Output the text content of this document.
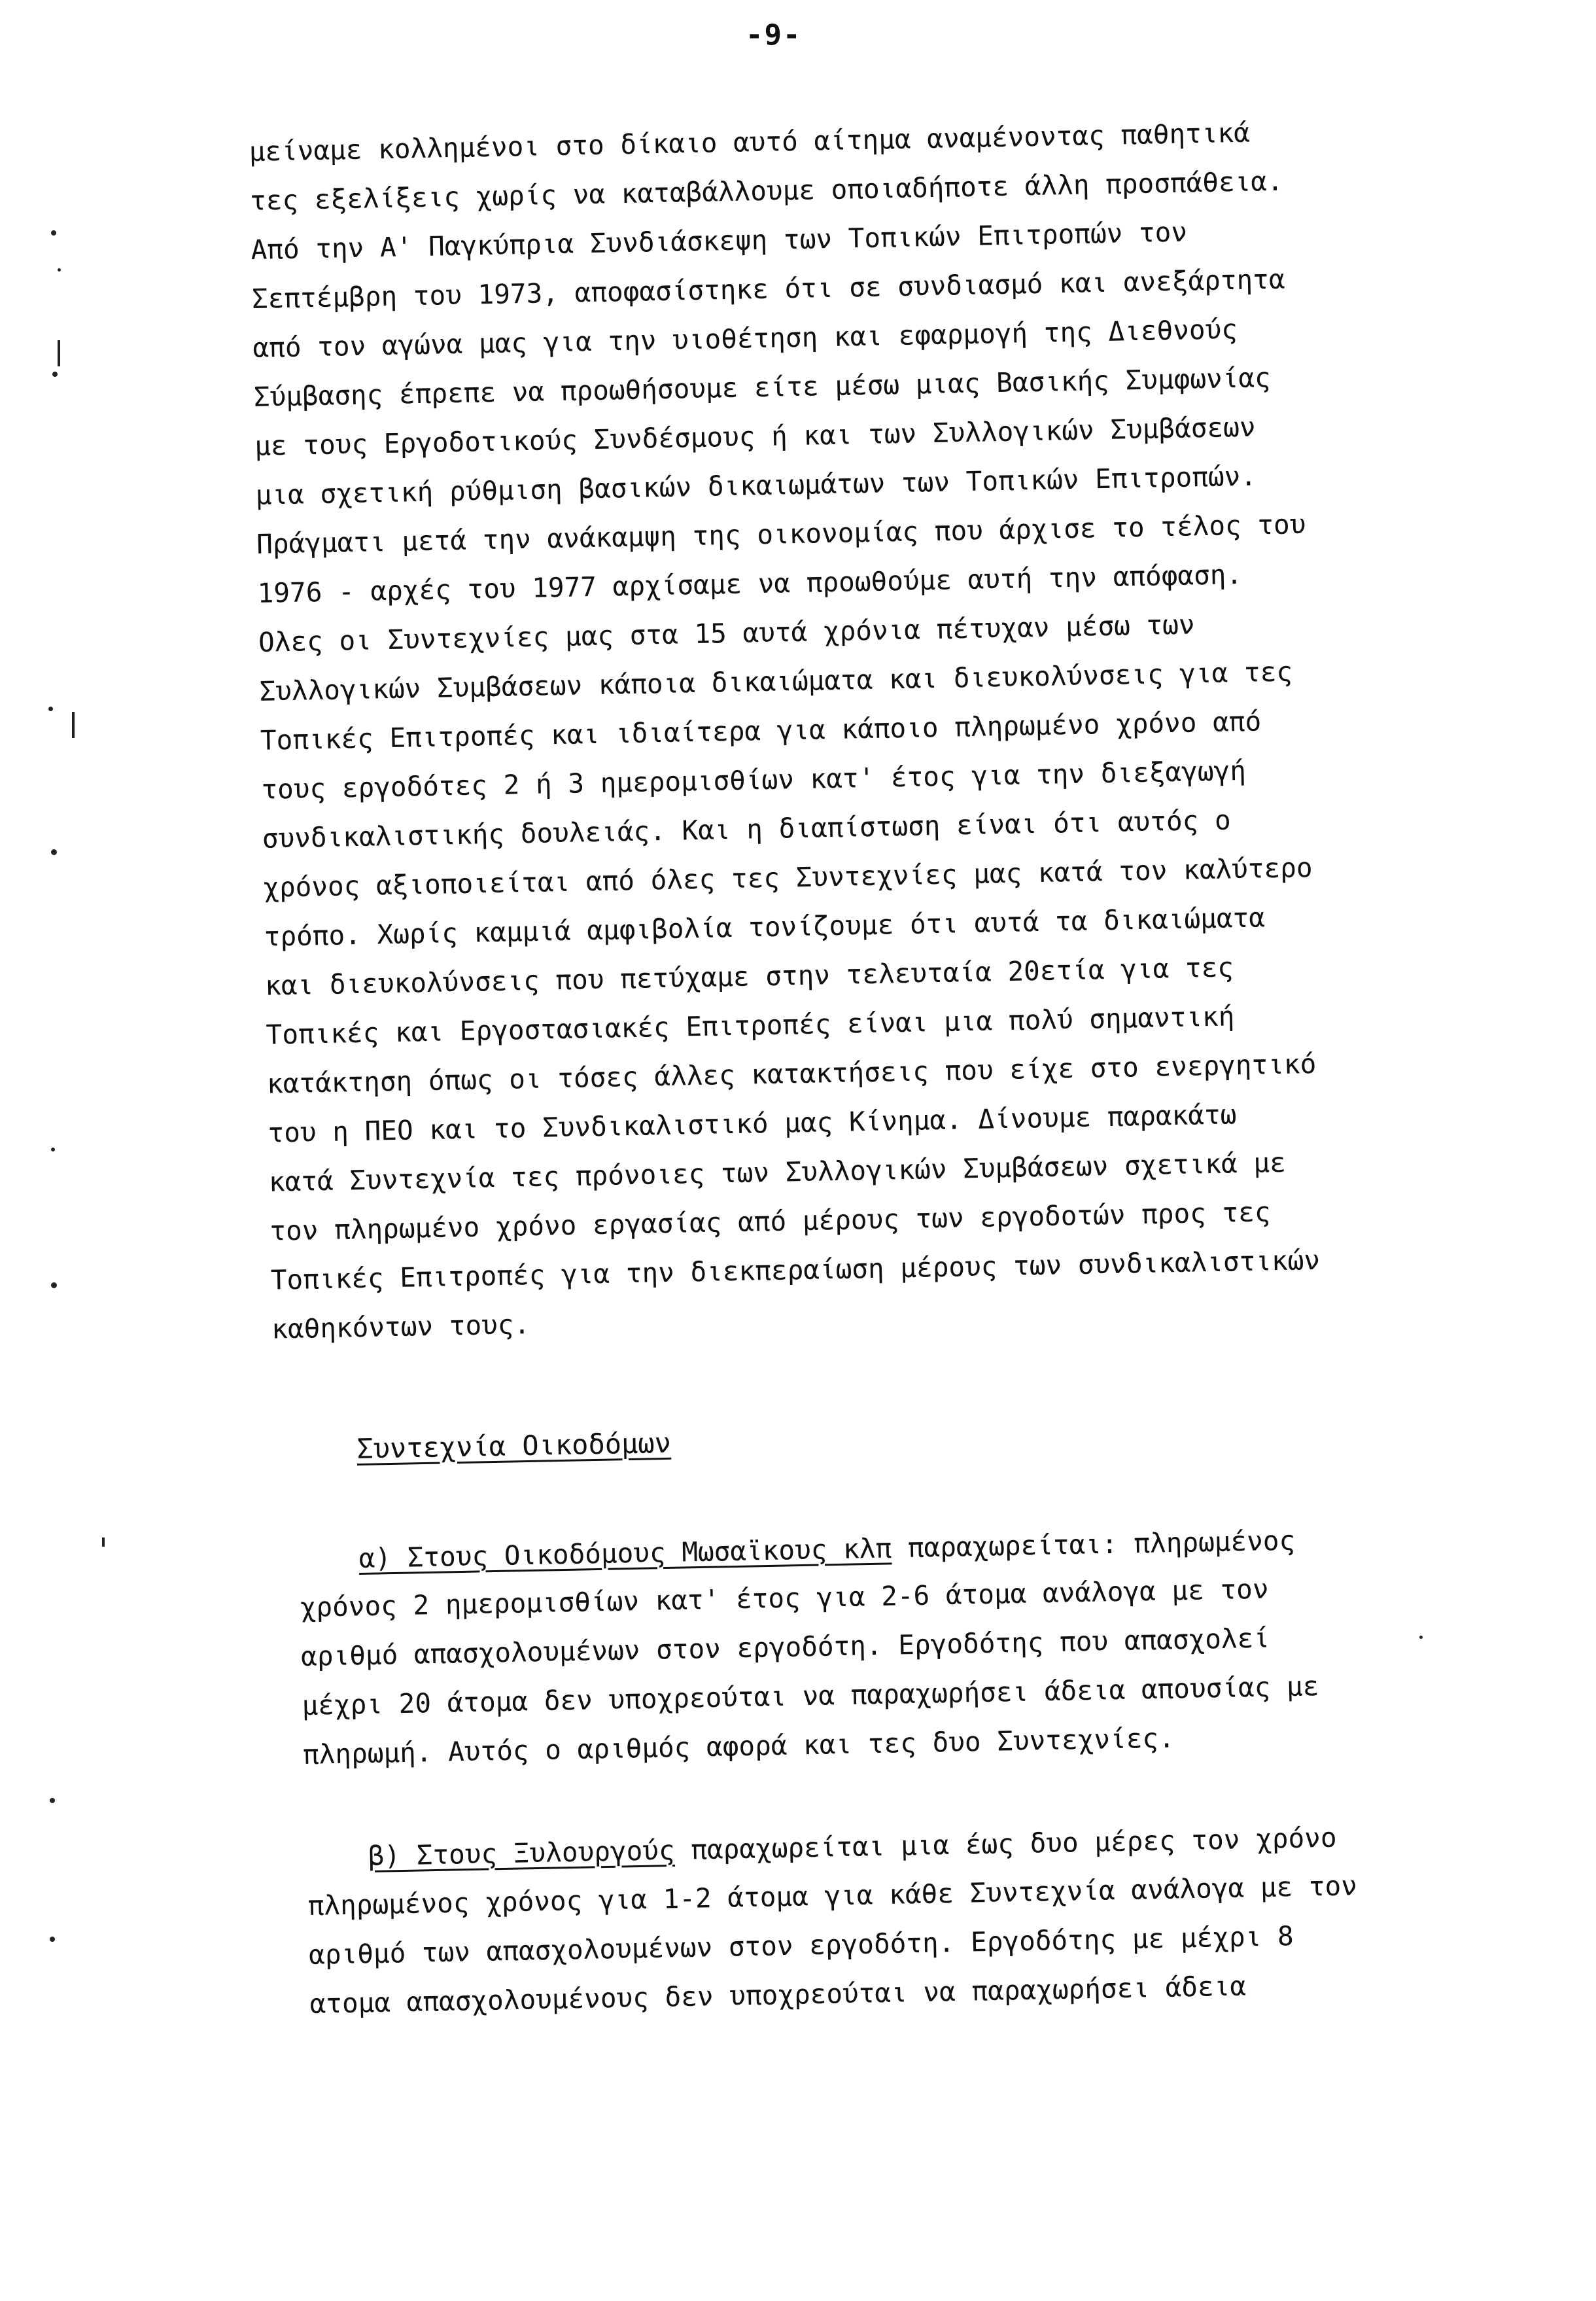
-9-
μείναμε κολλημένοι στο δίκαιο αυτό αίτημα αναμένοντας παθητικά
τες εξελίξεις χωρίς να καταβάλλουμε οποιαδήποτε άλλη προσπάθεια.
Από την Α' Παγκύπρια Συνδιάσκεψη των Τοπικών Επιτροπών τον
Σεπτέμβρη του 1973, αποφασίστηκε ότι σε συνδιασμό και ανεξάρτητα
από τον αγώνα μας για την υιοθέτηση και εφαρμογή της Διεθνούς
Σύμβασης έπρεπε να προωθήσουμε είτε μέσω μιας Βασικής Συμφωνίας
με τους Εργοδοτικούς Συνδέσμους ή και των Συλλογικών Συμβάσεων
μια σχετική ρύθμιση βασικών δικαιωμάτων των Τοπικών Επιτροπών.
Πράγματι μετά την ανάκαμψη της οικονομίας που άρχισε το τέλος του
1976 - αρχές του 1977 αρχίσαμε να προωθούμε αυτή την απόφαση.
Ολες οι Συντεχνίες μας στα 15 αυτά χρόνια πέτυχαν μέσω των
Συλλογικών Συμβάσεων κάποια δικαιώματα και διευκολύνσεις για τες
Τοπικές Επιτροπές και ιδιαίτερα για κάποιο πληρωμένο χρόνο από
τους εργοδότες 2 ή 3 ημερομισθίων κατ' έτος για την διεξαγωγή
συνδικαλιστικής δουλειάς. Και η διαπίστωση είναι ότι αυτός ο
χρόνος αξιοποιείται από όλες τες Συντεχνίες μας κατά τον καλύτερο
τρόπο. Χωρίς καμμιά αμφιβολία τονίζουμε ότι αυτά τα δικαιώματα
και διευκολύνσεις που πετύχαμε στην τελευταία 20ετία για τες
Τοπικές και Εργοστασιακές Επιτροπές είναι μια πολύ σημαντική
κατάκτηση όπως οι τόσες άλλες κατακτήσεις που είχε στο ενεργητικό
του η ΠΕΟ και το Συνδικαλιστικό μας Κίνημα. Δίνουμε παρακάτω
κατά Συντεχνία τες πρόνοιες των Συλλογικών Συμβάσεων σχετικά με
τον πληρωμένο χρόνο εργασίας από μέρους των εργοδοτών προς τες
Τοπικές Επιτροπές για την διεκπεραίωση μέρους των συνδικαλιστικών
καθηκόντων τους.
Συντεχνία Οικοδόμων
α) Στους Οικοδόμους Μωσαϊκους κλπ παραχωρείται: πληρωμένος
χρόνος 2 ημερομισθίων κατ' έτος για 2-6 άτομα ανάλογα με τον
αριθμό απασχολουμένων στον εργοδότη. Εργοδότης που απασχολεί
μέχρι 20 άτομα δεν υποχρεούται να παραχωρήσει άδεια απουσίας με
πληρωμή. Αυτός ο αριθμός αφορά και τες δυο Συντεχνίες.
β) Στους Ξυλουργούς παραχωρείται μια έως δυο μέρες τον χρόνο
πληρωμένος χρόνος για 1-2 άτομα για κάθε Συντεχνία ανάλογα με τον
αριθμό των απασχολουμένων στον εργοδότη. Εργοδότης με μέχρι 8
ατομα απασχολουμένους δεν υποχρεούται να παραχωρήσει άδεια
